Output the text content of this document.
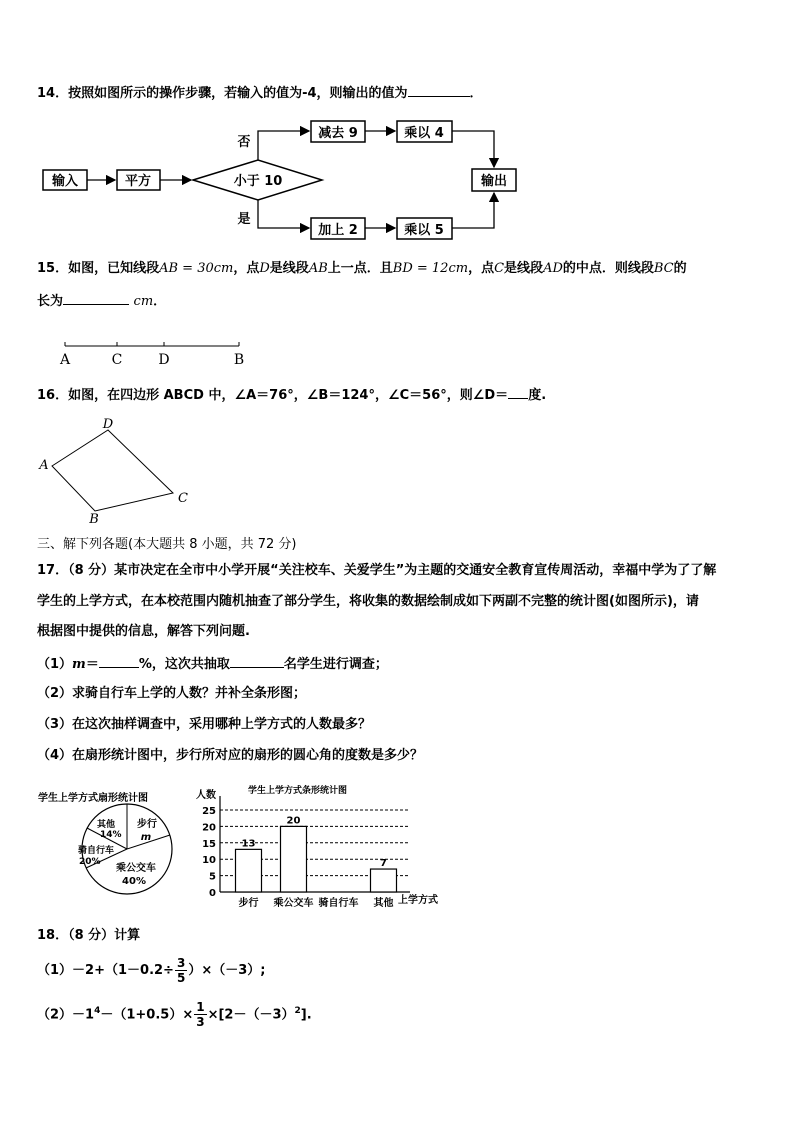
14．按照如图所示的操作步骤，若输入的值为-4，则输出的值为	．
输入	平方	小于 10
减去 9	乘以 4
加上 2	乘以 5
输出
否
是
15．如图，已知线段AB = 30cm，点D是线段AB上一点．且BD = 12cm，点C是线段AD的中点．则线段BC的
长为	cm．
A	C	D	B
16．如图，在四边形 ABCD 中，∠A＝76°，∠B＝124°，∠C＝56°，则∠D＝ 度.
D
A
C
B
三、解下列各题(本大题共 8 小题，共 72 分)
17．（8 分）某市决定在全市中小学开展“关注校车、关爱学生”为主题的交通安全教育宣传周活动，幸福中学为了了解
学生的上学方式，在本校范围内随机抽查了部分学生，将收集的数据绘制成如下两副不完整的统计图(如图所示)，请
根据图中提供的信息，解答下列问题.
（1）m＝	%，这次共抽取	名学生进行调查；
（2）求骑自行车上学的人数？并补全条形图；
（3）在这次抽样调查中，采用哪种上学方式的人数最多？
（4）在扇形统计图中，步行所对应的扇形的圆心角的度数是多少？
学生上学方式扇形统计图
步行
m
乘公交车
40%
骑自行车
20%
其他
14%
学生上学方式条形统计图
人数
上学方式
0
5
10
15
20
25
13
步行
20
乘公交车 骑自行车
7
其他
18．（8 分）计算
$(1)-2+(1-0.2\div \frac{3}{5} )\times(-3)$;
$(2)-1^4-(1+0.5)\times \frac{1}{3} \times[2-(-3)^2]$.
